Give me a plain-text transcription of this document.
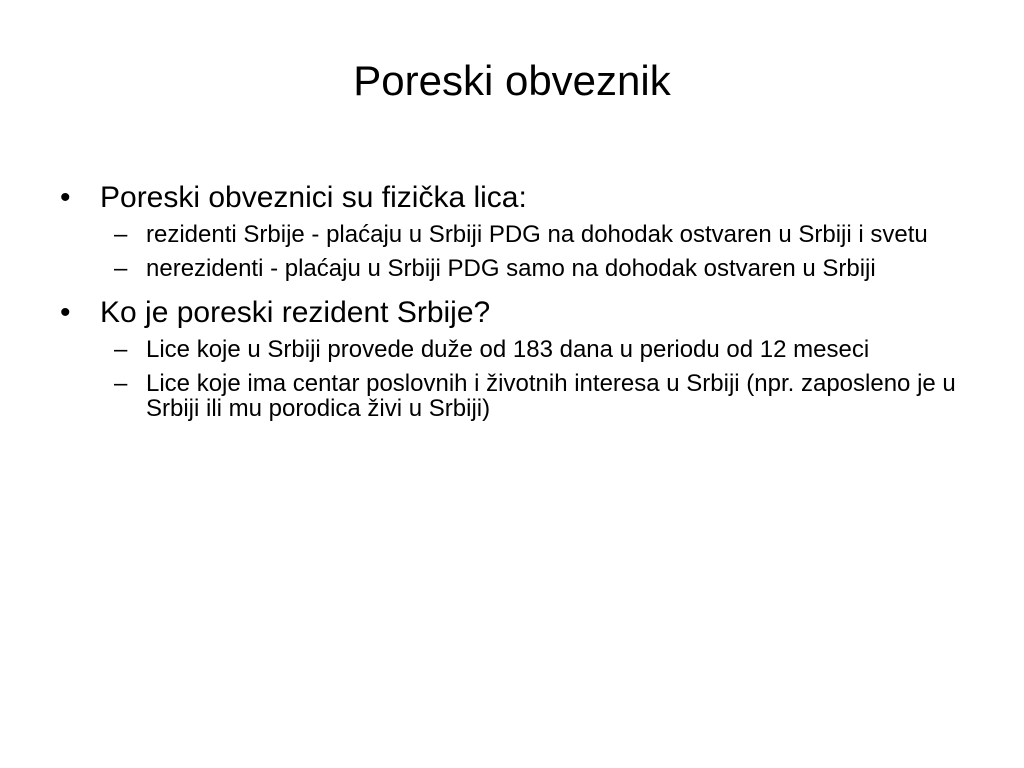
Poreski obveznik
• Poreski obveznici su fizička lica:
– rezidenti Srbije - plaćaju u Srbiji PDG na dohodak ostvaren u Srbiji i svetu
– nerezidenti - plaćaju u Srbiji PDG samo na dohodak ostvaren u Srbiji
• Ko je poreski rezident Srbije?
– Lice koje u Srbiji provede duže od 183 dana u periodu od 12 meseci
– Lice koje ima centar poslovnih i životnih interesa u Srbiji (npr. zaposleno je u Srbiji ili mu porodica živi u Srbiji)
